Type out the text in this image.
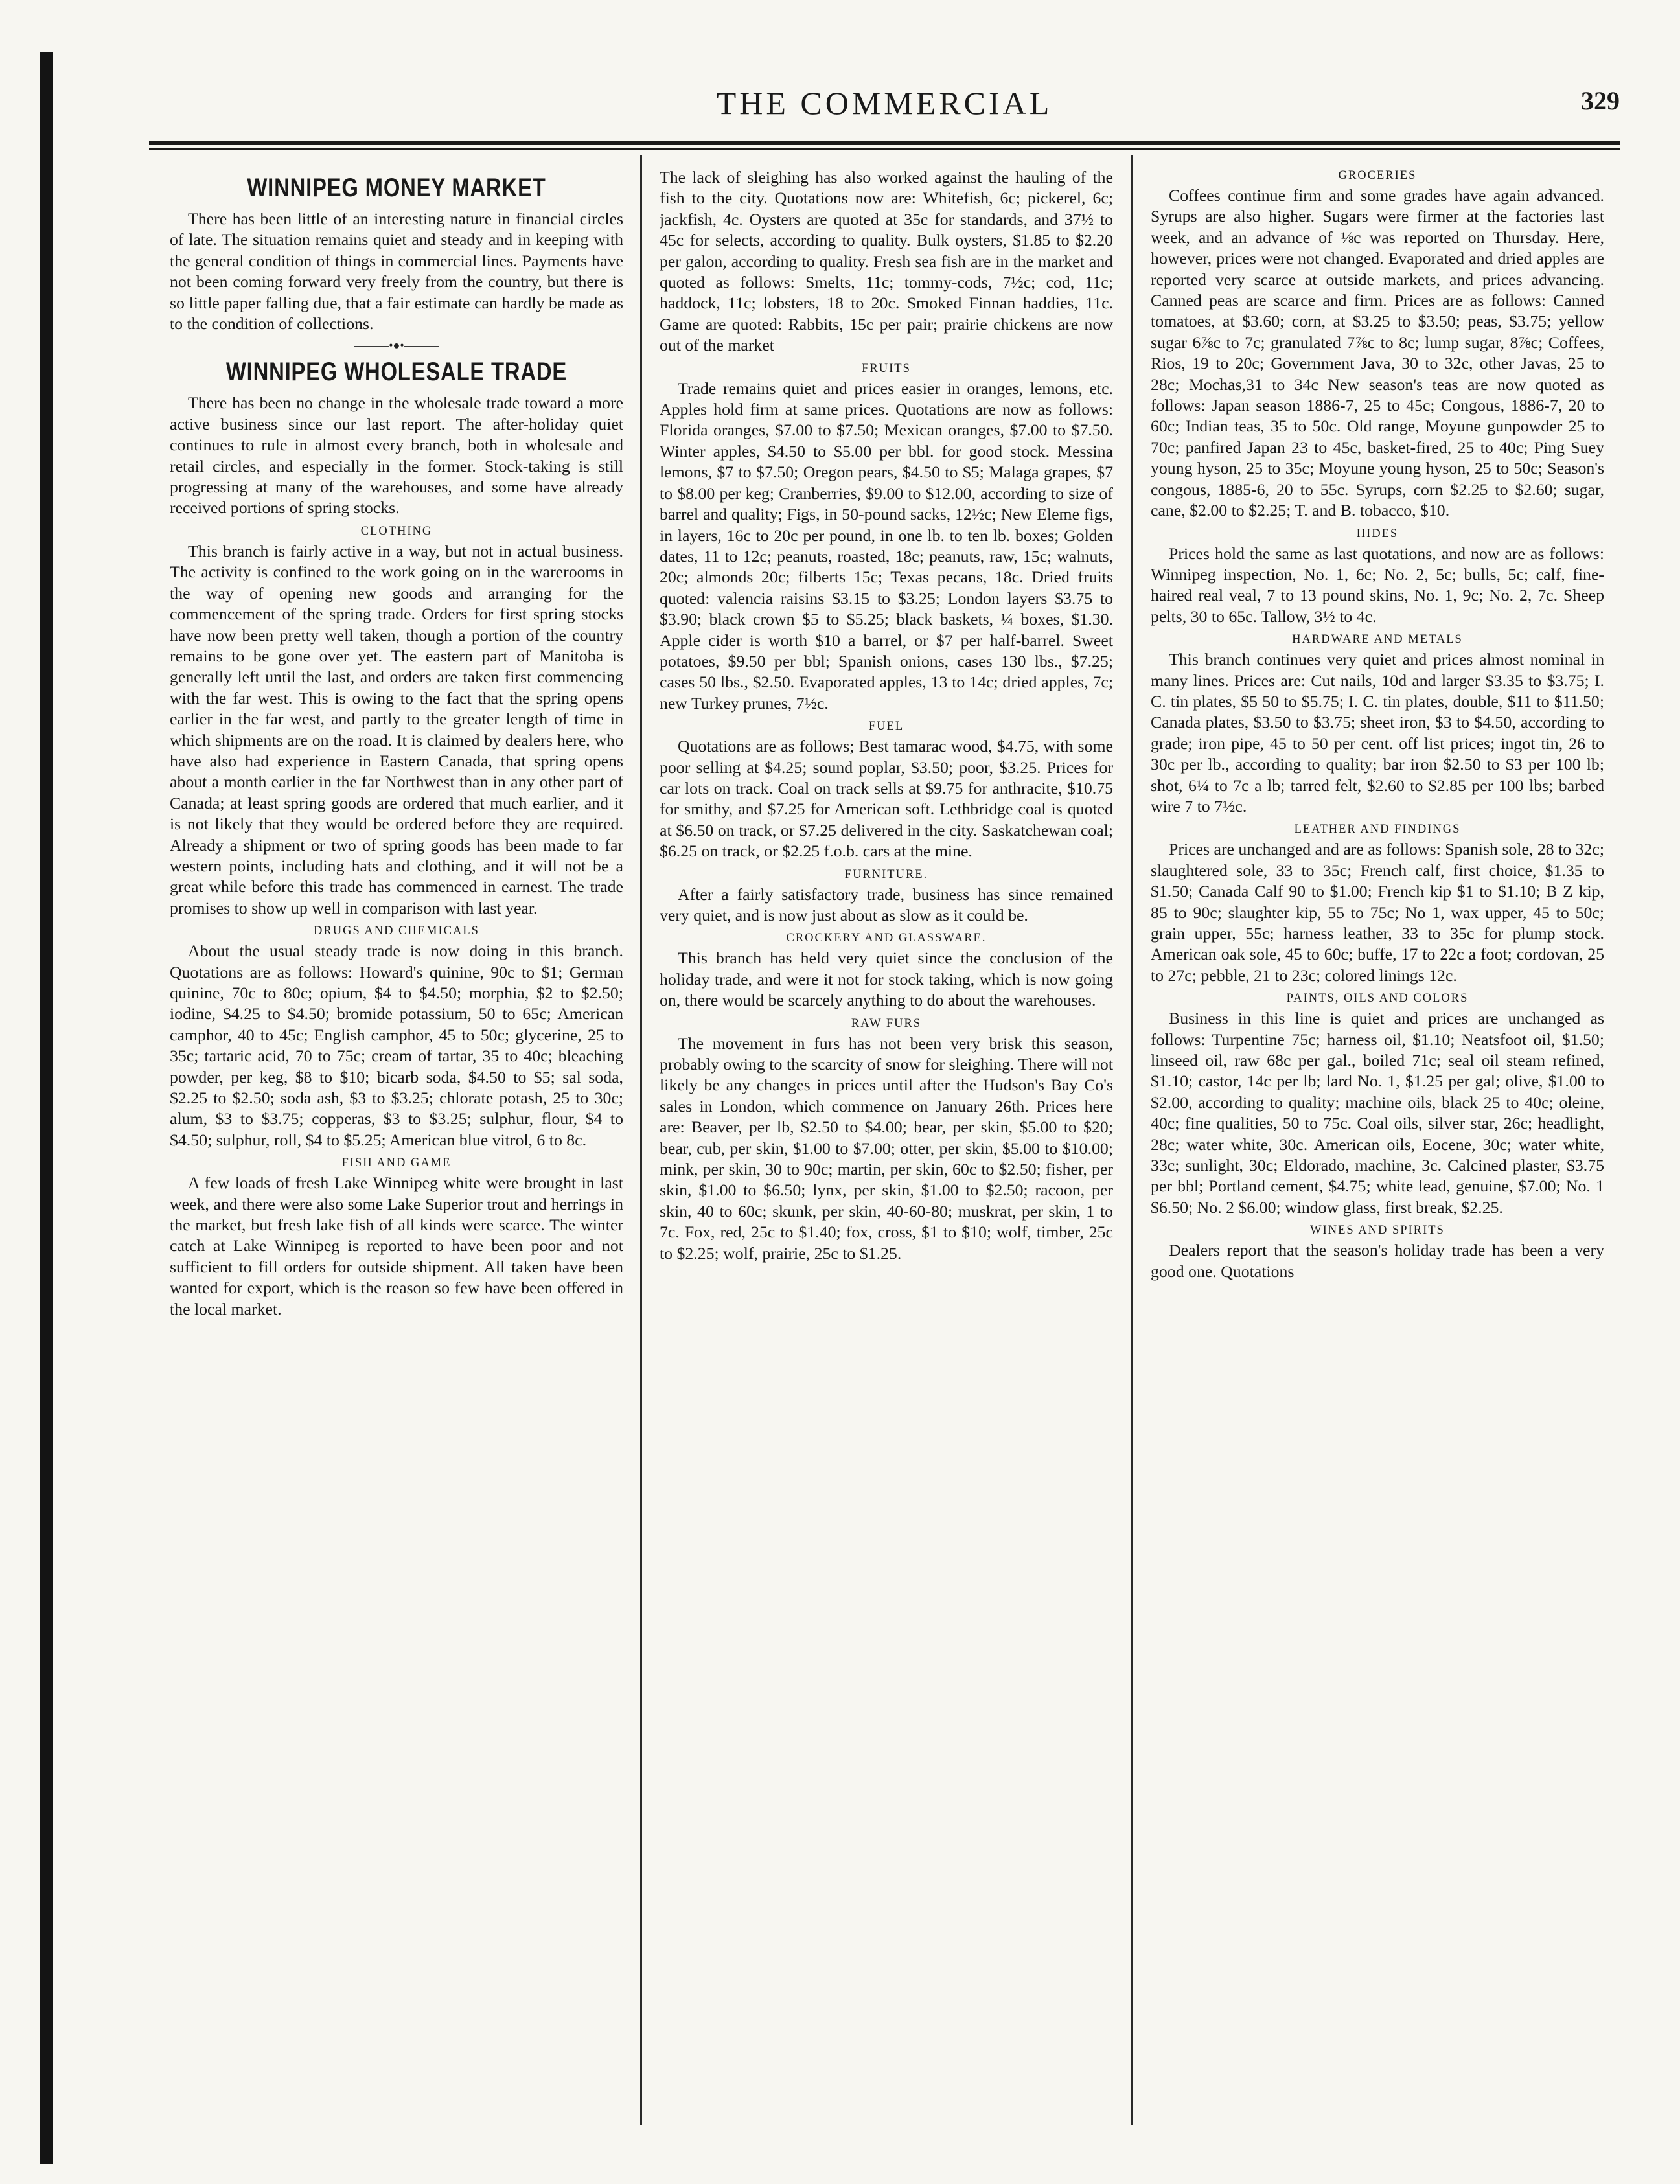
THE COMMERCIAL	329
WINNIPEG MONEY MARKET

There has been little of an interesting nature in financial circles of late. The situation remains quiet and steady and in keeping with the general condition of things in commercial lines. Payments have not been coming forward very freely from the country, but there is so little paper falling due, that a fair estimate can hardly be made as to the condition of collections.

———•●•———
WINNIPEG WHOLESALE TRADE

There has been no change in the wholesale trade toward a more active business since our last report. The after-holiday quiet continues to rule in almost every branch, both in wholesale and retail circles, and especially in the former. Stock-taking is still progressing at many of the warehouses, and some have already received portions of spring stocks.

CLOTHING

This branch is fairly active in a way, but not in actual business. The activity is confined to the work going on in the warerooms in the way of opening new goods and arranging for the commencement of the spring trade. Orders for first spring stocks have now been pretty well taken, though a portion of the country remains to be gone over yet. The eastern part of Manitoba is generally left until the last, and orders are taken first commencing with the far west. This is owing to the fact that the spring opens earlier in the far west, and partly to the greater length of time in which shipments are on the road. It is claimed by dealers here, who have also had experience in Eastern Canada, that spring opens about a month earlier in the far Northwest than in any other part of Canada; at least spring goods are ordered that much earlier, and it is not likely that they would be ordered before they are required. Already a shipment or two of spring goods has been made to far western points, including hats and clothing, and it will not be a great while before this trade has commenced in earnest. The trade promises to show up well in comparison with last year.

DRUGS AND CHEMICALS

About the usual steady trade is now doing in this branch. Quotations are as follows: Howard's quinine, 90c to $1; German quinine, 70c to 80c; opium, $4 to $4.50; morphia, $2 to $2.50; iodine, $4.25 to $4.50; bromide potassium, 50 to 65c; American camphor, 40 to 45c; English camphor, 45 to 50c; glycerine, 25 to 35c; tartaric acid, 70 to 75c; cream of tartar, 35 to 40c; bleaching powder, per keg, $8 to $10; bicarb soda, $4.50 to $5; sal soda, $2.25 to $2.50; soda ash, $3 to $3.25; chlorate potash, 25 to 30c; alum, $3 to $3.75; copperas, $3 to $3.25; sulphur, flour, $4 to $4.50; sulphur, roll, $4 to $5.25; American blue vitrol, 6 to 8c.

FISH AND GAME

A few loads of fresh Lake Winnipeg white were brought in last week, and there were also some Lake Superior trout and herrings in the market, but fresh lake fish of all kinds were scarce. The winter catch at Lake Winnipeg is reported to have been poor and not sufficient to fill orders for outside shipment. All taken have been wanted for export, which is the reason so few have been offered in the local market.

The lack of sleighing has also worked against the hauling of the fish to the city. Quotations now are: Whitefish, 6c; pickerel, 6c; jackfish, 4c. Oysters are quoted at 35c for standards, and 37½ to 45c for selects, according to quality. Bulk oysters, $1.85 to $2.20 per galon, according to quality. Fresh sea fish are in the market and quoted as follows: Smelts, 11c; tommy-cods, 7½c; cod, 11c; haddock, 11c; lobsters, 18 to 20c. Smoked Finnan haddies, 11c. Game are quoted: Rabbits, 15c per pair; prairie chickens are now out of the market

FRUITS

Trade remains quiet and prices easier in oranges, lemons, etc. Apples hold firm at same prices. Quotations are now as follows: Florida oranges, $7.00 to $7.50; Mexican oranges, $7.00 to $7.50. Winter apples, $4.50 to $5.00 per bbl. for good stock. Messina lemons, $7 to $7.50; Oregon pears, $4.50 to $5; Malaga grapes, $7 to $8.00 per keg; Cranberries, $9.00 to $12.00, according to size of barrel and quality; Figs, in 50-pound sacks, 12½c; New Eleme figs, in layers, 16c to 20c per pound, in one lb. to ten lb. boxes; Golden dates, 11 to 12c; peanuts, roasted, 18c; peanuts, raw, 15c; walnuts, 20c; almonds 20c; filberts 15c; Texas pecans, 18c. Dried fruits quoted: valencia raisins $3.15 to $3.25; London layers $3.75 to $3.90; black crown $5 to $5.25; black baskets, ¼ boxes, $1.30. Apple cider is worth $10 a barrel, or $7 per half-barrel. Sweet potatoes, $9.50 per bbl; Spanish onions, cases 130 lbs., $7.25; cases 50 lbs., $2.50. Evaporated apples, 13 to 14c; dried apples, 7c; new Turkey prunes, 7½c.

FUEL

Quotations are as follows; Best tamarac wood, $4.75, with some poor selling at $4.25; sound poplar, $3.50; poor, $3.25. Prices for car lots on track. Coal on track sells at $9.75 for anthracite, $10.75 for smithy, and $7.25 for American soft. Lethbridge coal is quoted at $6.50 on track, or $7.25 delivered in the city. Saskatchewan coal; $6.25 on track, or $2.25 f.o.b. cars at the mine.

FURNITURE.

After a fairly satisfactory trade, business has since remained very quiet, and is now just about as slow as it could be.

CROCKERY AND GLASSWARE.

This branch has held very quiet since the conclusion of the holiday trade, and were it not for stock taking, which is now going on, there would be scarcely anything to do about the warehouses.

RAW FURS

The movement in furs has not been very brisk this season, probably owing to the scarcity of snow for sleighing. There will not likely be any changes in prices until after the Hudson's Bay Co's sales in London, which commence on January 26th. Prices here are: Beaver, per lb, $2.50 to $4.00; bear, per skin, $5.00 to $20; bear, cub, per skin, $1.00 to $7.00; otter, per skin, $5.00 to $10.00; mink, per skin, 30 to 90c; martin, per skin, 60c to $2.50; fisher, per skin, $1.00 to $6.50; lynx, per skin, $1.00 to $2.50; racoon, per skin, 40 to 60c; skunk, per skin, 40-60-80; muskrat, per skin, 1 to 7c. Fox, red, 25c to $1.40; fox, cross, $1 to $10; wolf, timber, 25c to $2.25; wolf, prairie, 25c to $1.25.

GROCERIES

Coffees continue firm and some grades have again advanced. Syrups are also higher. Sugars were firmer at the factories last week, and an advance of ⅛c was reported on Thursday. Here, however, prices were not changed. Evaporated and dried apples are reported very scarce at outside markets, and prices advancing. Canned peas are scarce and firm. Prices are as follows: Canned tomatoes, at $3.60; corn, at $3.25 to $3.50; peas, $3.75; yellow sugar 6⅞c to 7c; granulated 7⅞c to 8c; lump sugar, 8⅞c; Coffees, Rios, 19 to 20c; Government Java, 30 to 32c, other Javas, 25 to 28c; Mochas,31 to 34c New season's teas are now quoted as follows: Japan season 1886-7, 25 to 45c; Congous, 1886-7, 20 to 60c; Indian teas, 35 to 50c. Old range, Moyune gunpowder 25 to 70c; panfired Japan 23 to 45c, basket-fired, 25 to 40c; Ping Suey young hyson, 25 to 35c; Moyune young hyson, 25 to 50c; Season's congous, 1885-6, 20 to 55c. Syrups, corn $2.25 to $2.60; sugar, cane, $2.00 to $2.25; T. and B. tobacco, $10.

HIDES

Prices hold the same as last quotations, and now are as follows: Winnipeg inspection, No. 1, 6c; No. 2, 5c; bulls, 5c; calf, fine-haired real veal, 7 to 13 pound skins, No. 1, 9c; No. 2, 7c. Sheep pelts, 30 to 65c. Tallow, 3½ to 4c.

HARDWARE AND METALS

This branch continues very quiet and prices almost nominal in many lines. Prices are: Cut nails, 10d and larger $3.35 to $3.75; I. C. tin plates, $5 50 to $5.75; I. C. tin plates, double, $11 to $11.50; Canada plates, $3.50 to $3.75; sheet iron, $3 to $4.50, according to grade; iron pipe, 45 to 50 per cent. off list prices; ingot tin, 26 to 30c per lb., according to quality; bar iron $2.50 to $3 per 100 lb; shot, 6¼ to 7c a lb; tarred felt, $2.60 to $2.85 per 100 lbs; barbed wire 7 to 7½c.

LEATHER AND FINDINGS

Prices are unchanged and are as follows: Spanish sole, 28 to 32c; slaughtered sole, 33 to 35c; French calf, first choice, $1.35 to $1.50; Canada Calf 90 to $1.00; French kip $1 to $1.10; B Z kip, 85 to 90c; slaughter kip, 55 to 75c; No 1, wax upper, 45 to 50c; grain upper, 55c; harness leather, 33 to 35c for plump stock. American oak sole, 45 to 60c; buffe, 17 to 22c a foot; cordovan, 25 to 27c; pebble, 21 to 23c; colored linings 12c.

PAINTS, OILS AND COLORS

Business in this line is quiet and prices are unchanged as follows: Turpentine 75c; harness oil, $1.10; Neatsfoot oil, $1.50; linseed oil, raw 68c per gal., boiled 71c; seal oil steam refined, $1.10; castor, 14c per lb; lard No. 1, $1.25 per gal; olive, $1.00 to $2.00, according to quality; machine oils, black 25 to 40c; oleine, 40c; fine qualities, 50 to 75c. Coal oils, silver star, 26c; headlight, 28c; water white, 30c. American oils, Eocene, 30c; water white, 33c; sunlight, 30c; Eldorado, machine, 3c. Calcined plaster, $3.75 per bbl; Portland cement, $4.75; white lead, genuine, $7.00; No. 1 $6.50; No. 2 $6.00; window glass, first break, $2.25.

WINES AND SPIRITS

Dealers report that the season's holiday trade has been a very good one. Quotations
